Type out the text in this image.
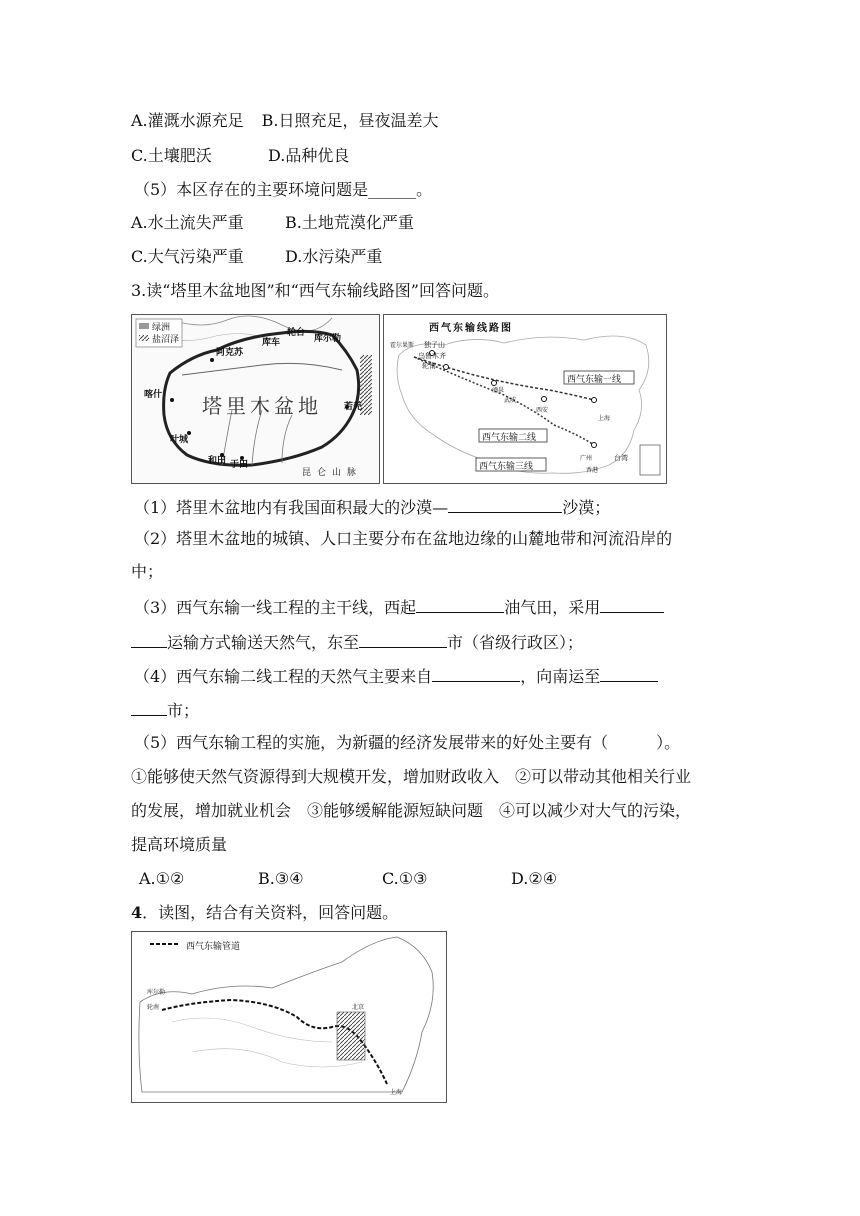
A.灌溉水源充足 B.日照充足，昼夜温差大
C.土壤肥沃	D.品种优良
（5）本区存在的主要环境问题是______。
A.水土流失严重	B.土地荒漠化严重
C.大气污染严重	D.水污染严重
3.读“塔里木盆地图”和“西气东输线路图”回答问题。
绿洲
盐沼泽
塔里木盆地
轮台
库车	库尔勒
阿克苏
喀什
若羌
叶城
和田 于田
昆仑山脉
西气东输线路图
霍尔果斯 独子山
乌鲁木齐
轮南
酒泉
武威
西安
上海
香港
台湾
广州
西气东输一线
西气东输二线
西气东输三线
（1）塔里木盆地内有我国面积最大的沙漠—	沙漠；
（2）塔里木盆地的城镇、人口主要分布在盆地边缘的山麓地带和河流沿岸的
中；
（3）西气东输一线工程的主干线，西起	油气田，采用
运输方式输送天然气，东至	市（省级行政区）；
（4）西气东输二线工程的天然气主要来自	，向南运至
市；
（5）西气东输工程的实施，为新疆的经济发展带来的好处主要有（　　　）。
①能够使天然气资源得到大规模开发，增加财政收入　②可以带动其他相关行业
的发展，增加就业机会　③能够缓解能源短缺问题　④可以减少对大气的污染，
提高环境质量
A.①②	B.③④	C.①③	D.②④
4．读图，结合有关资料，回答问题。
西气东输管道
库尔勒
轮南	北京
上海
